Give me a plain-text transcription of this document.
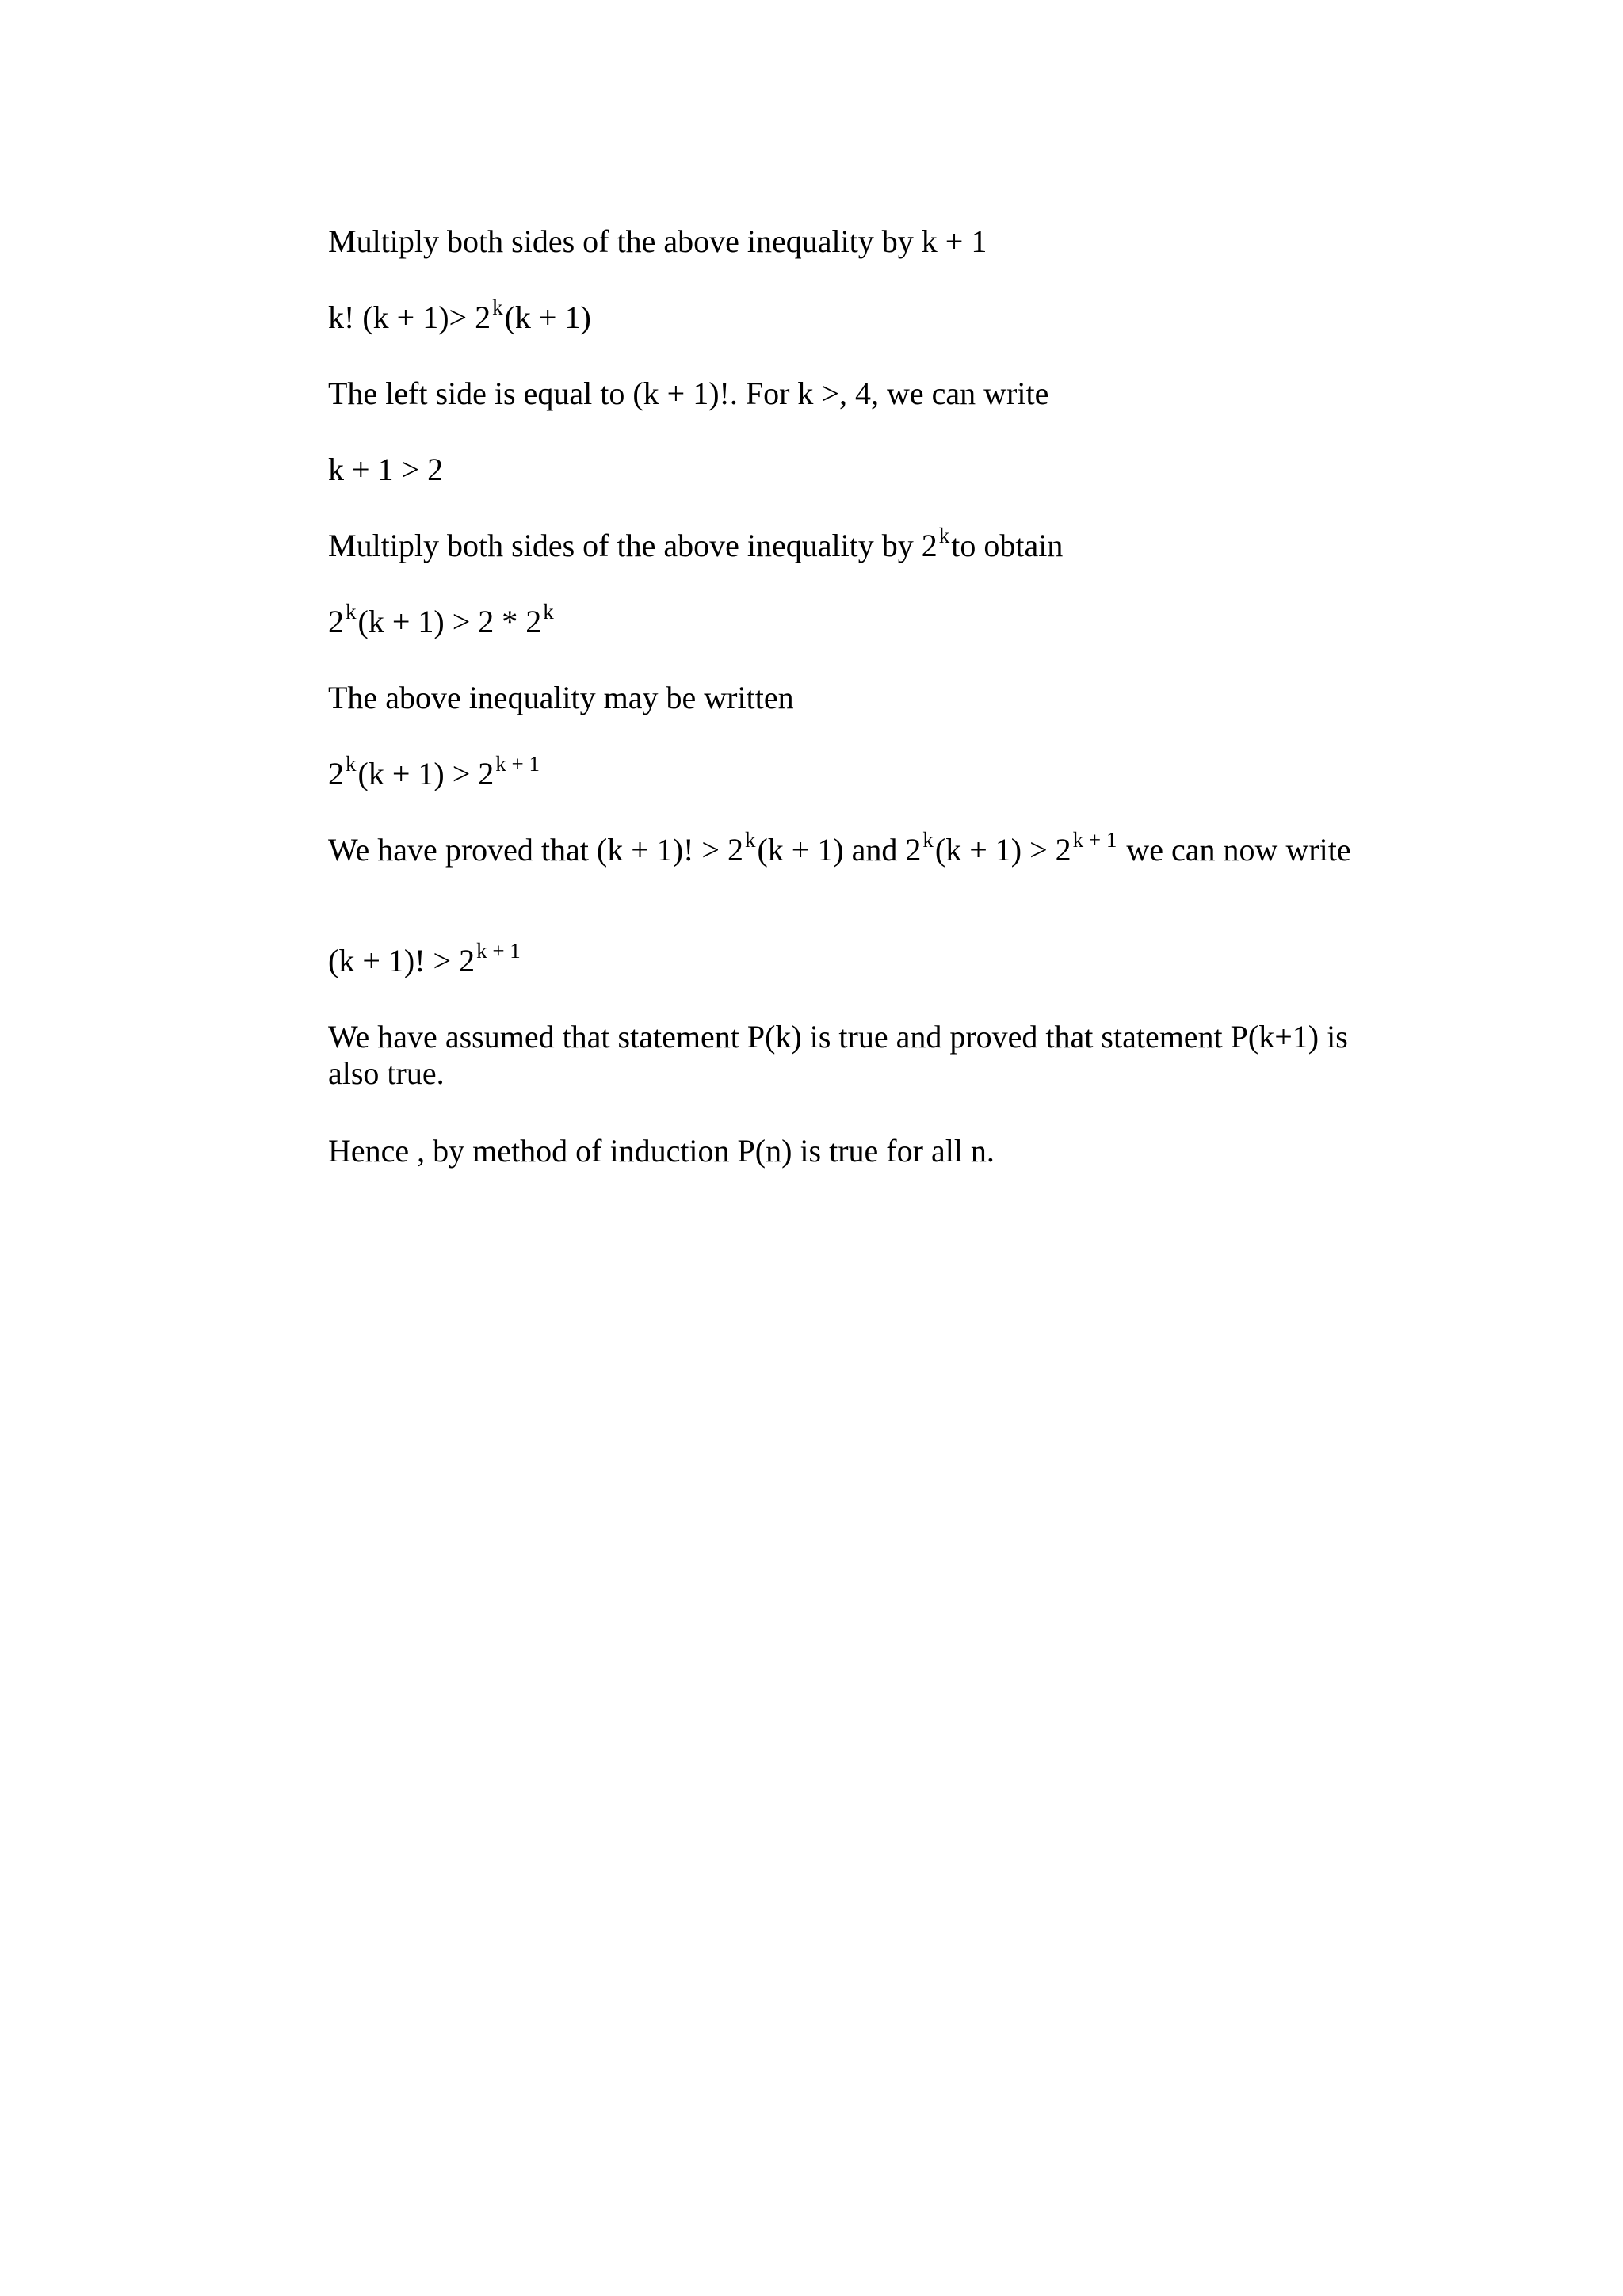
Multiply both sides of the above inequality by k + 1

k! $(k + 1)> 2^k(k + 1)$

The left side is equal to (k + 1)!. For k >, 4, we can write

k + 1 > 2

Multiply both sides of the above inequality by 2$^k$to obtain

$2^k(k + 1) > 2 * 2^k$

The above inequality may be written

$2^k(k + 1) > 2^{k + 1}$

We have proved that (k + 1)! > $2^k(k + 1)$ and $2^k(k + 1) > 2^{k + 1}$ we can now write

(k + 1)! > $2^{k + 1}$

We have assumed that statement P(k) is true and proved that statement P(k+1) is also true.

Hence , by method of induction P(n) is true for all n.
